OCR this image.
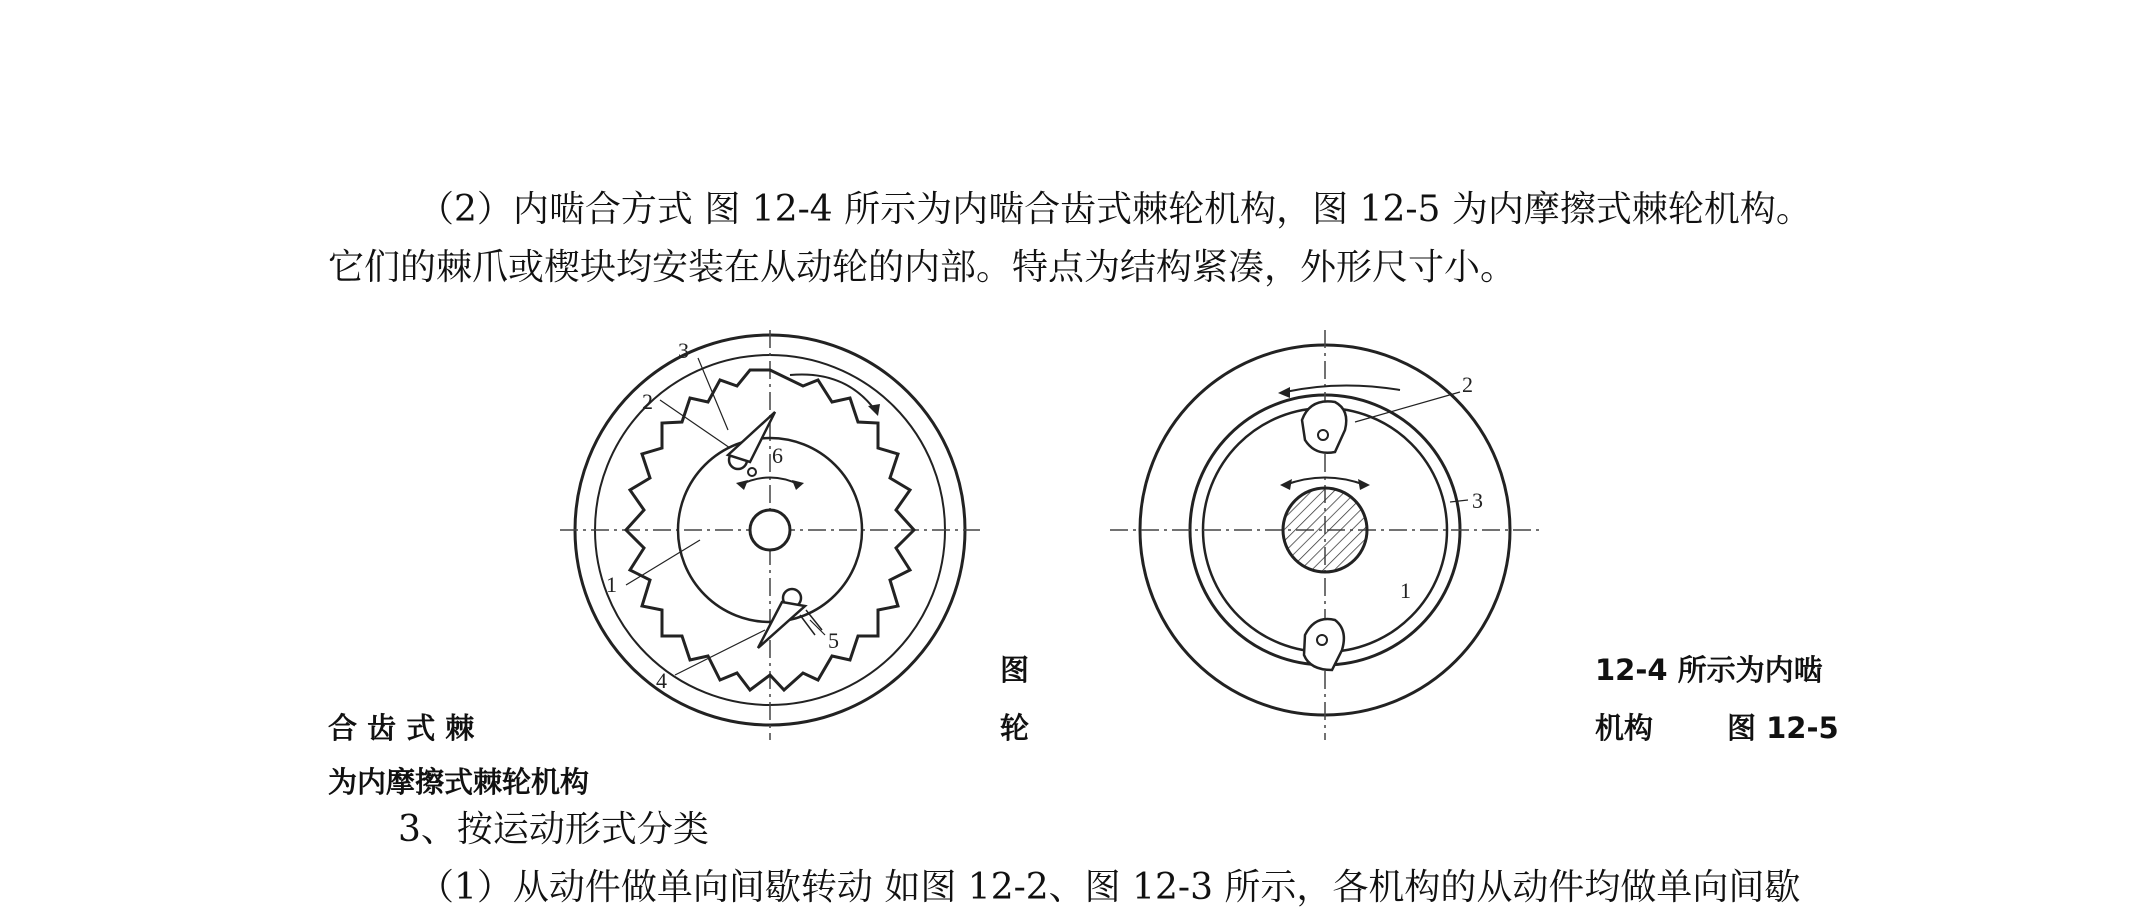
（2）内啮合方式 图 12-4 所示为内啮合齿式棘轮机构，图 12-5 为内摩擦式棘轮机构。
它们的棘爪或楔块均安装在从动轮的内部。特点为结构紧凑，外形尺寸小。
3
2
6
1
4
5
2
3
1
图	12-4 所示为内啮
合 齿 式 棘	轮	机构	图 12-5
为内摩擦式棘轮机构
3、按运动形式分类
（1）从动件做单向间歇转动 如图 12-2、图 12-3 所示，各机构的从动件均做单向间歇
